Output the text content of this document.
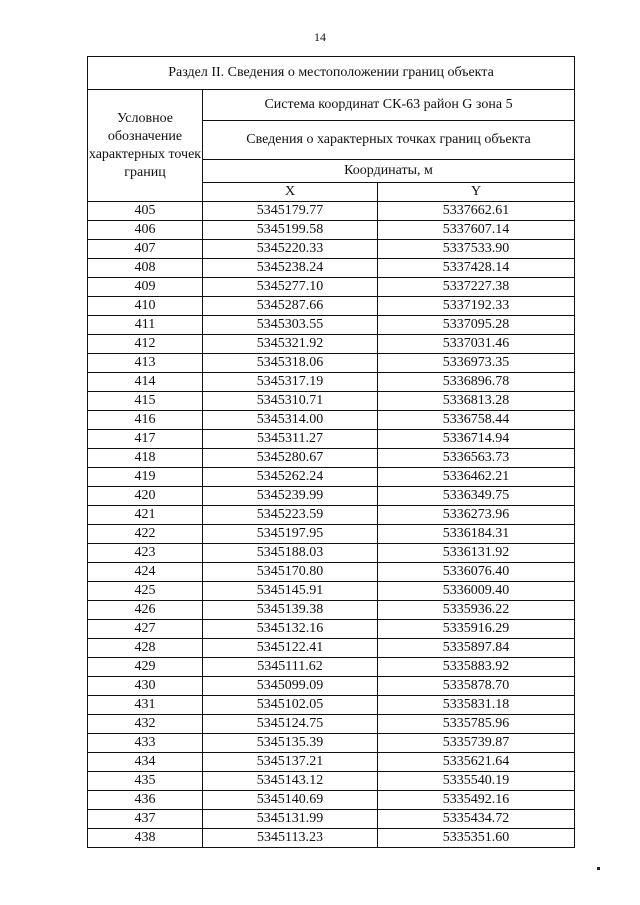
14
Раздел II. Сведения о местоположении границ объекта		
Условное обозначение характерных точек границ	Система координат СК-63 район G зона 5	
	Сведения о характерных точках границ объекта	
	Координаты, м	
	X	Y
405	5345179.77	5337662.61
406	5345199.58	5337607.14
407	5345220.33	5337533.90
408	5345238.24	5337428.14
409	5345277.10	5337227.38
410	5345287.66	5337192.33
411	5345303.55	5337095.28
412	5345321.92	5337031.46
413	5345318.06	5336973.35
414	5345317.19	5336896.78
415	5345310.71	5336813.28
416	5345314.00	5336758.44
417	5345311.27	5336714.94
418	5345280.67	5336563.73
419	5345262.24	5336462.21
420	5345239.99	5336349.75
421	5345223.59	5336273.96
422	5345197.95	5336184.31
423	5345188.03	5336131.92
424	5345170.80	5336076.40
425	5345145.91	5336009.40
426	5345139.38	5335936.22
427	5345132.16	5335916.29
428	5345122.41	5335897.84
429	5345111.62	5335883.92
430	5345099.09	5335878.70
431	5345102.05	5335831.18
432	5345124.75	5335785.96
433	5345135.39	5335739.87
434	5345137.21	5335621.64
435	5345143.12	5335540.19
436	5345140.69	5335492.16
437	5345131.99	5335434.72
438	5345113.23	5335351.60
